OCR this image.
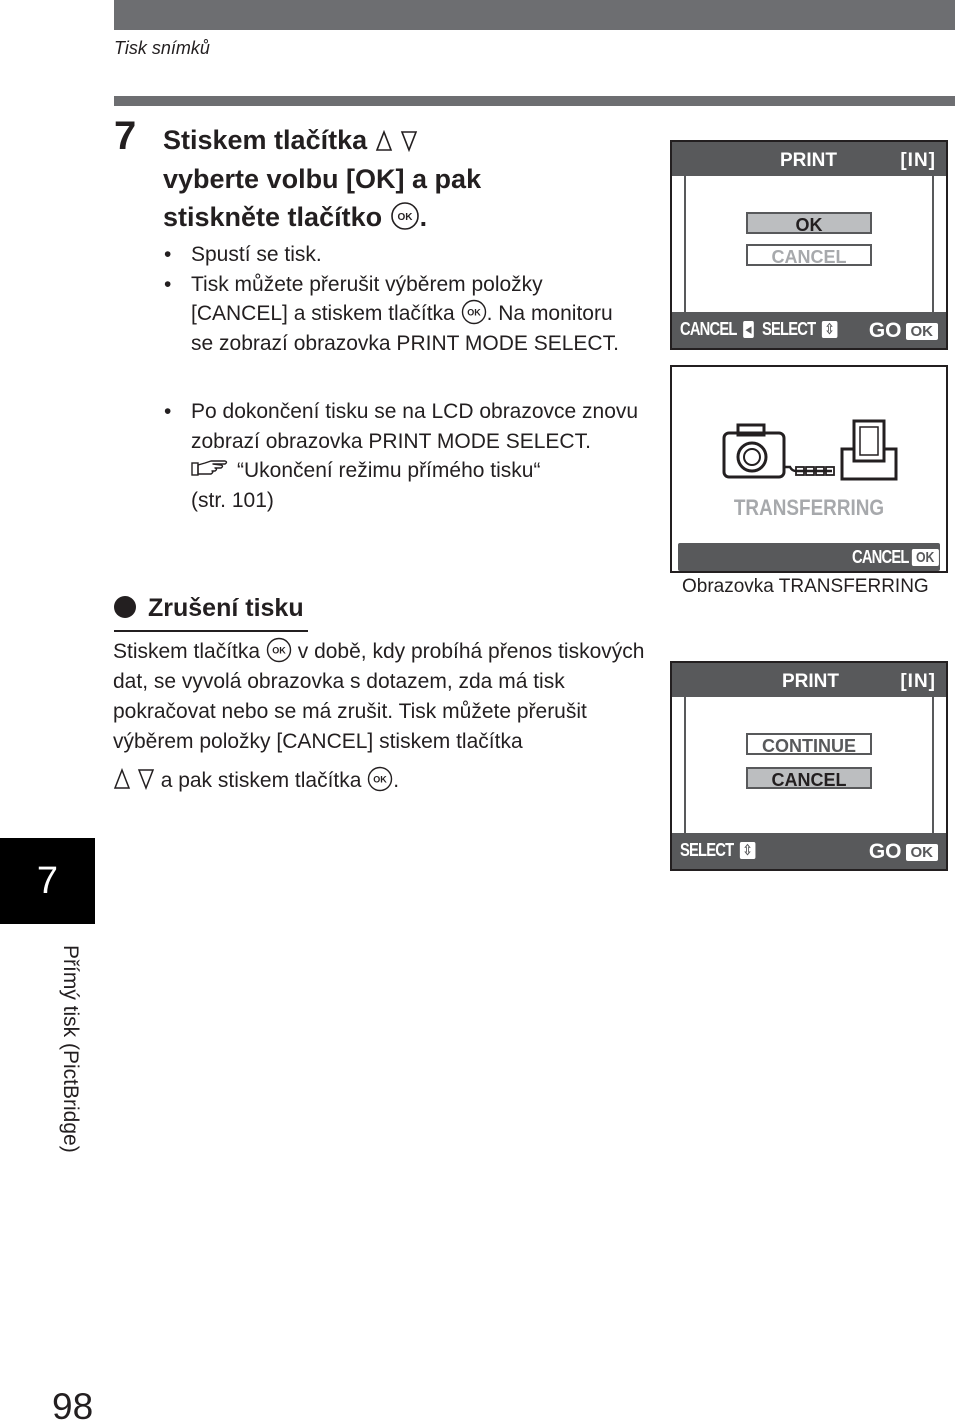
Tisk snímků
7 Stiskem tlačítka
vyberte volbu [OK] a pak
stiskněte tlačítko OK .
• Spustí se tisk.
• Tisk můžete přerušit výběrem položky
[CANCEL] a stiskem tlačítka OK . Na monitoru
se zobrazí obrazovka PRINT MODE SELECT.
• Po dokončení tisku se na LCD obrazovce znovu zobrazí obrazovka PRINT MODE SELECT.
“Ukončení režimu přímého tisku“
(str. 101)
Zrušení tisku

Stiskem tlačítka OK v době, kdy probíhá přenos tiskových dat, se vyvolá obrazovka s dotazem, zda má tisk pokračovat nebo se má zrušit. Tisk můžete přerušit výběrem položky [CANCEL] stiskem tlačítka
a pak stiskem tlačítka OK .

PRINT	[IN]
OK
CANCEL
CANCEL ◂ SELECT ⇳ GO OK
TRANSFERRING
CANCEL OK
Obrazovka TRANSFERRING
PRINT	[IN]
CONTINUE
CANCEL
SELECT ⇳	GO OK
7
Přímý tisk (PictBridge)
98
